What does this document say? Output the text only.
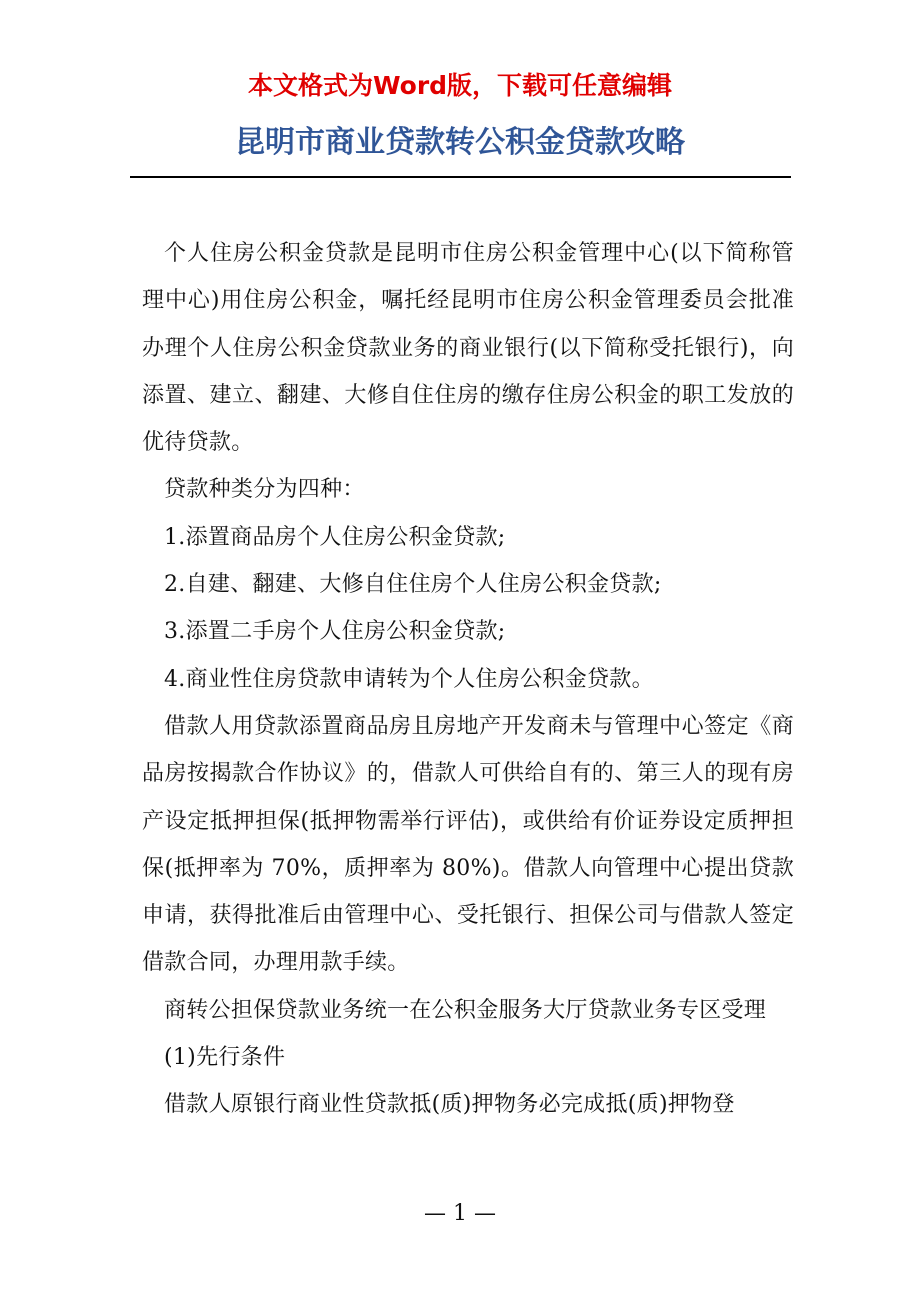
本文格式为Word版，下载可任意编辑
昆明市商业贷款转公积金贷款攻略

个人住房公积金贷款是昆明市住房公积金管理中心(以下简称管理中心)用住房公积金，嘱托经昆明市住房公积金管理委员会批准办理个人住房公积金贷款业务的商业银行(以下简称受托银行)，向添置、建立、翻建、大修自住住房的缴存住房公积金的职工发放的优待贷款。

贷款种类分为四种：

1.添置商品房个人住房公积金贷款;

2.自建、翻建、大修自住住房个人住房公积金贷款;

3.添置二手房个人住房公积金贷款;

4.商业性住房贷款申请转为个人住房公积金贷款。

借款人用贷款添置商品房且房地产开发商未与管理中心签定《商品房按揭款合作协议》的，借款人可供给自有的、第三人的现有房产设定抵押担保(抵押物需举行评估)，或供给有价证券设定质押担保(抵押率为 70%，质押率为 80%)。借款人向管理中心提出贷款申请，获得批准后由管理中心、受托银行、担保公司与借款人签定借款合同，办理用款手续。

商转公担保贷款业务统一在公积金服务大厅贷款业务专区受理

(1)先行条件

借款人原银行商业性贷款抵(质)押物务必完成抵(质)押物登

— 1 —
